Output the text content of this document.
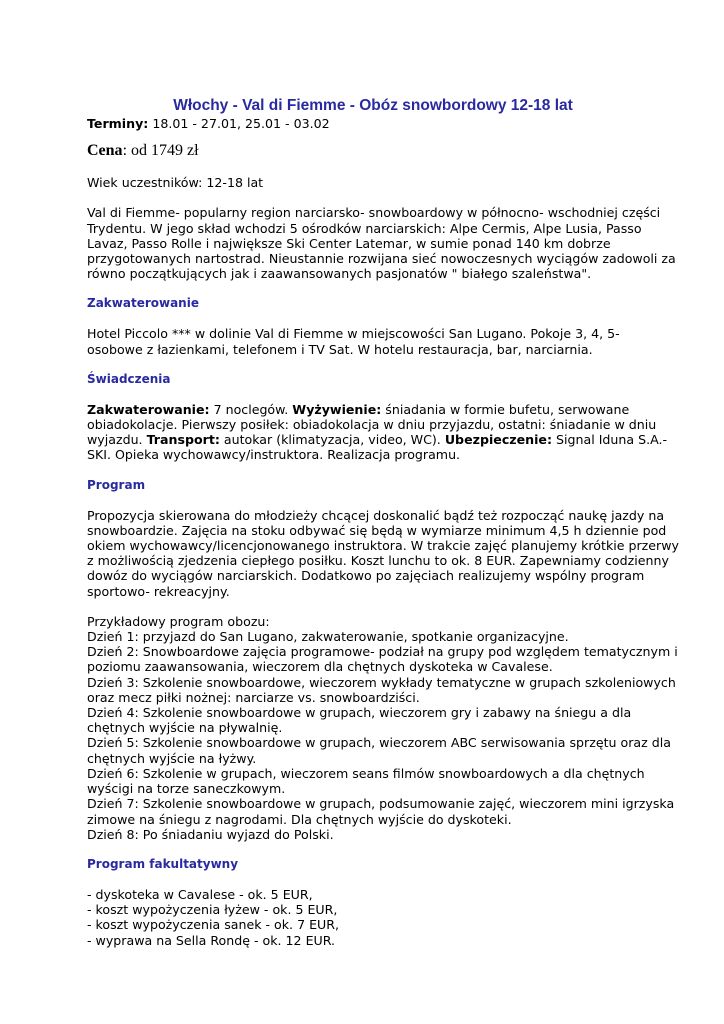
Włochy - Val di Fiemme - Obóz snowbordowy 12-18 lat

Terminy: 18.01 - 27.01, 25.01 - 03.02

Cena: od 1749 zł

Wiek uczestników: 12-18 lat

Val di Fiemme- popularny region narciarsko- snowboardowy w północno- wschodniej części
Trydentu. W jego skład wchodzi 5 ośrodków narciarskich: Alpe Cermis, Alpe Lusia, Passo
Lavaz, Passo Rolle i największe Ski Center Latemar, w sumie ponad 140 km dobrze
przygotowanych nartostrad. Nieustannie rozwijana sieć nowoczesnych wyciągów zadowoli za
równo początkujących jak i zaawansowanych pasjonatów " białego szaleństwa".
Zakwaterowanie
Hotel Piccolo *** w dolinie Val di Fiemme w miejscowości San Lugano. Pokoje 3, 4, 5-
osobowe z łazienkami, telefonem i TV Sat. W hotelu restauracja, bar, narciarnia.
Świadczenia
Zakwaterowanie: 7 noclegów. Wyżywienie: śniadania w formie bufetu, serwowane
obiadokolacje. Pierwszy posiłek: obiadokolacja w dniu przyjazdu, ostatni: śniadanie w dniu
wyjazdu. Transport: autokar (klimatyzacja, video, WC). Ubezpieczenie: Signal Iduna S.A.-
SKI. Opieka wychowawcy/instruktora. Realizacja programu.
Program
Propozycja skierowana do młodzieży chcącej doskonalić bądź też rozpocząć naukę jazdy na
snowboardzie. Zajęcia na stoku odbywać się będą w wymiarze minimum 4,5 h dziennie pod
okiem wychowawcy/licencjonowanego instruktora. W trakcie zajęć planujemy krótkie przerwy
z możliwością zjedzenia ciepłego posiłku. Koszt lunchu to ok. 8 EUR. Zapewniamy codzienny
dowóz do wyciągów narciarskich. Dodatkowo po zajęciach realizujemy wspólny program
sportowo- rekreacyjny.
Przykładowy program obozu:
Dzień 1: przyjazd do San Lugano, zakwaterowanie, spotkanie organizacyjne.
Dzień 2: Snowboardowe zajęcia programowe- podział na grupy pod względem tematycznym i
poziomu zaawansowania, wieczorem dla chętnych dyskoteka w Cavalese.
Dzień 3: Szkolenie snowboardowe, wieczorem wykłady tematyczne w grupach szkoleniowych
oraz mecz piłki nożnej: narciarze vs. snowboardziści.
Dzień 4: Szkolenie snowboardowe w grupach, wieczorem gry i zabawy na śniegu a dla
chętnych wyjście na pływalnię.
Dzień 5: Szkolenie snowboardowe w grupach, wieczorem ABC serwisowania sprzętu oraz dla
chętnych wyjście na łyżwy.
Dzień 6: Szkolenie w grupach, wieczorem seans filmów snowboardowych a dla chętnych
wyścigi na torze saneczkowym.
Dzień 7: Szkolenie snowboardowe w grupach, podsumowanie zajęć, wieczorem mini igrzyska
zimowe na śniegu z nagrodami. Dla chętnych wyjście do dyskoteki.
Dzień 8: Po śniadaniu wyjazd do Polski.
Program fakultatywny
- dyskoteka w Cavalese - ok. 5 EUR,
- koszt wypożyczenia łyżew - ok. 5 EUR,
- koszt wypożyczenia sanek - ok. 7 EUR,
- wyprawa na Sella Rondę - ok. 12 EUR.
